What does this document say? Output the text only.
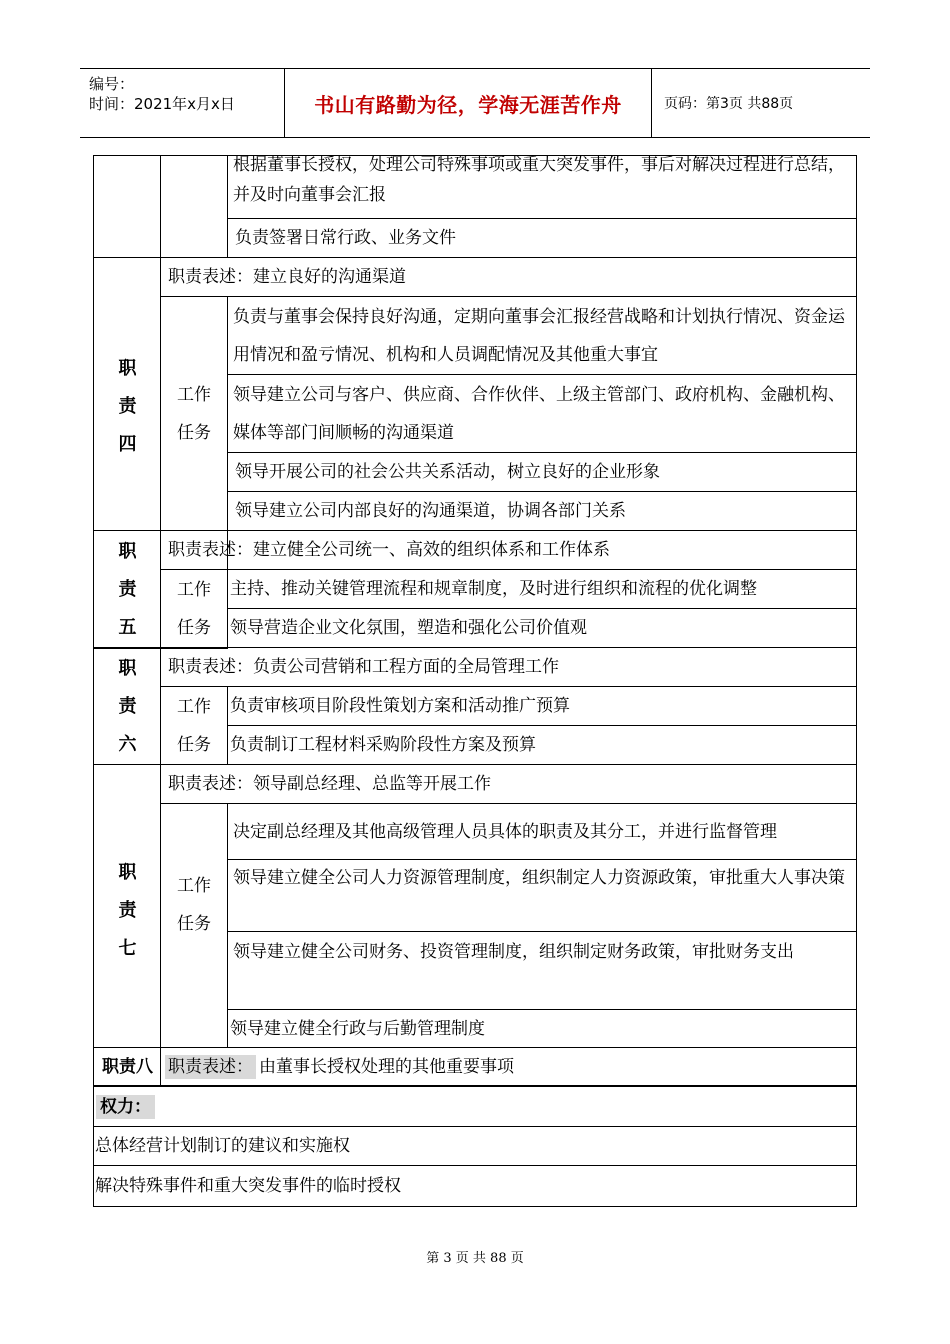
编号：
时间：2021年x月x日	书山有路勤为径，学海无涯苦作舟	页码：第3页 共88页
根据董事长授权，处理公司特殊事项或重大突发事件，事后对解决过程进行总结，并及时向董事会汇报
负责签署日常行政、业务文件
职
责
四
职责表述：建立良好的沟通渠道
工作
任务
负责与董事会保持良好沟通，定期向董事会汇报经营战略和计划执行情况、资金运用情况和盈亏情况、机构和人员调配情况及其他重大事宜
领导建立公司与客户、供应商、合作伙伴、上级主管部门、政府机构、金融机构、媒体等部门间顺畅的沟通渠道
领导开展公司的社会公共关系活动，树立良好的企业形象
领导建立公司内部良好的沟通渠道，协调各部门关系
职
责
五
职责表述：建立健全公司统一、高效的组织体系和工作体系
工作
任务
主持、推动关键管理流程和规章制度，及时进行组织和流程的优化调整
领导营造企业文化氛围，塑造和强化公司价值观
职
责
六
职责表述：负责公司营销和工程方面的全局管理工作
工作
任务
负责审核项目阶段性策划方案和活动推广预算
负责制订工程材料采购阶段性方案及预算
职
责
七
职责表述：领导副总经理、总监等开展工作
工作
任务
决定副总经理及其他高级管理人员具体的职责及其分工，并进行监督管理
领导建立健全公司人力资源管理制度，组织制定人力资源政策，审批重大人事决策
领导建立健全公司财务、投资管理制度，组织制定财务政策，审批财务支出
领导建立健全行政与后勤管理制度
职责八 职责表述： 由董事长授权处理的其他重要事项
权力：
总体经营计划制订的建议和实施权
解决特殊事件和重大突发事件的临时授权
第 3 页 共 88 页
